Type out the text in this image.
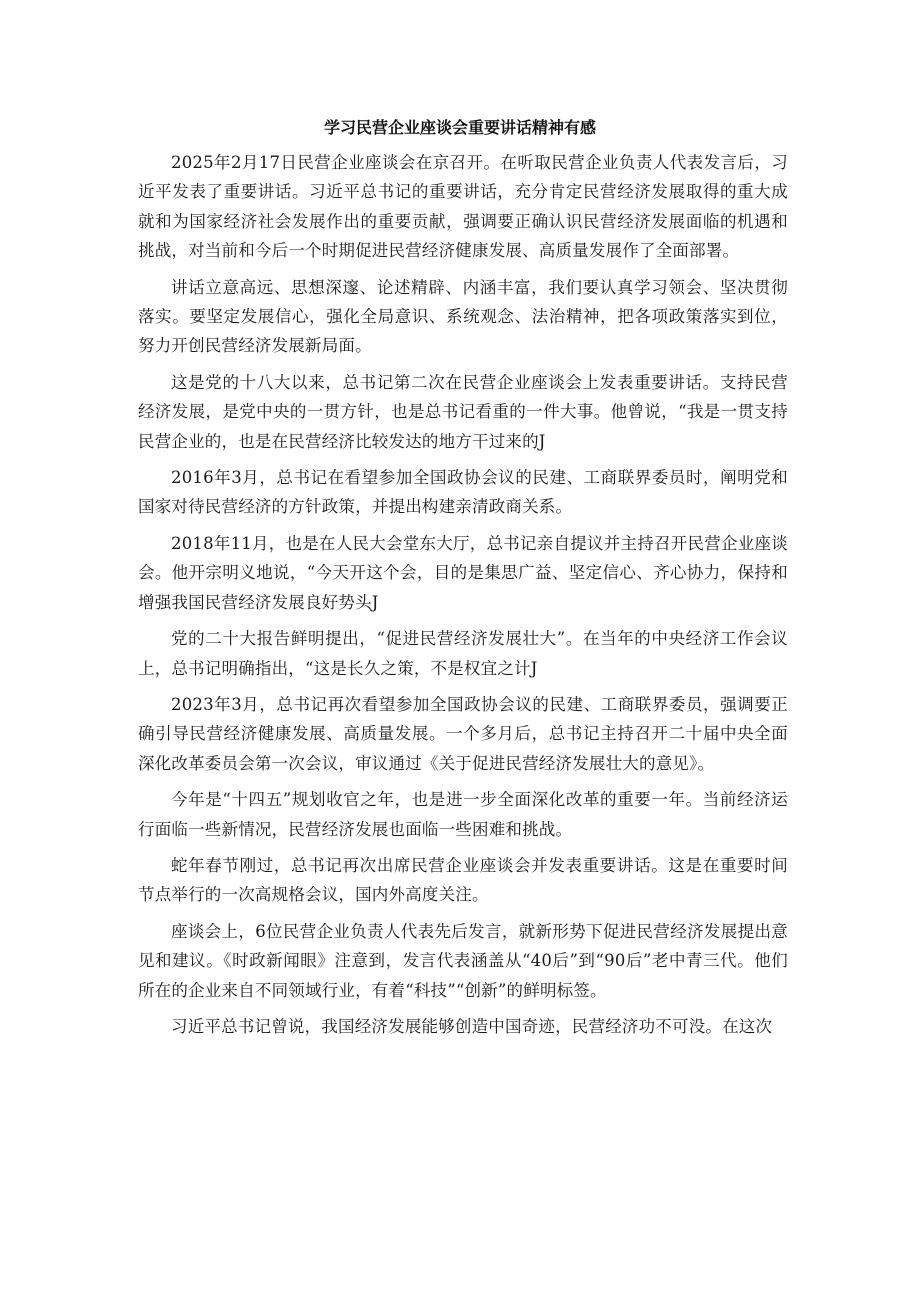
学习民营企业座谈会重要讲话精神有感

2025年2月17日民营企业座谈会在京召开。在听取民营企业负责人代表发言后，习近平发表了重要讲话。习近平总书记的重要讲话，充分肯定民营经济发展取得的重大成就和为国家经济社会发展作出的重要贡献，强调要正确认识民营经济发展面临的机遇和挑战，对当前和今后一个时期促进民营经济健康发展、高质量发展作了全面部署。

讲话立意高远、思想深邃、论述精辟、内涵丰富，我们要认真学习领会、坚决贯彻落实。要坚定发展信心，强化全局意识、系统观念、法治精神，把各项政策落实到位，努力开创民营经济发展新局面。

这是党的十八大以来，总书记第二次在民营企业座谈会上发表重要讲话。支持民营经济发展，是党中央的一贯方针，也是总书记看重的一件大事。他曾说，“我是一贯支持民营企业的，也是在民营经济比较发达的地方干过来的J

2016年3月，总书记在看望参加全国政协会议的民建、工商联界委员时，阐明党和国家对待民营经济的方针政策，并提出构建亲清政商关系。

2018年11月，也是在人民大会堂东大厅，总书记亲自提议并主持召开民营企业座谈会。他开宗明义地说，“今天开这个会，目的是集思广益、坚定信心、齐心协力，保持和增强我国民营经济发展良好势头J

党的二十大报告鲜明提出，“促进民营经济发展壮大”。在当年的中央经济工作会议上，总书记明确指出，“这是长久之策，不是权宜之计J

2023年3月，总书记再次看望参加全国政协会议的民建、工商联界委员，强调要正确引导民营经济健康发展、高质量发展。一个多月后，总书记主持召开二十届中央全面深化改革委员会第一次会议，审议通过《关于促进民营经济发展壮大的意见》。

今年是“十四五”规划收官之年，也是进一步全面深化改革的重要一年。当前经济运行面临一些新情况，民营经济发展也面临一些困难和挑战。

蛇年春节刚过，总书记再次出席民营企业座谈会并发表重要讲话。这是在重要时间节点举行的一次高规格会议，国内外高度关注。

座谈会上，6位民营企业负责人代表先后发言，就新形势下促进民营经济发展提出意见和建议。《时政新闻眼》注意到，发言代表涵盖从“40后”到“90后”老中青三代。他们所在的企业来自不同领域行业，有着“科技”“创新”的鲜明标签。

习近平总书记曾说，我国经济发展能够创造中国奇迹，民营经济功不可没。在这次
